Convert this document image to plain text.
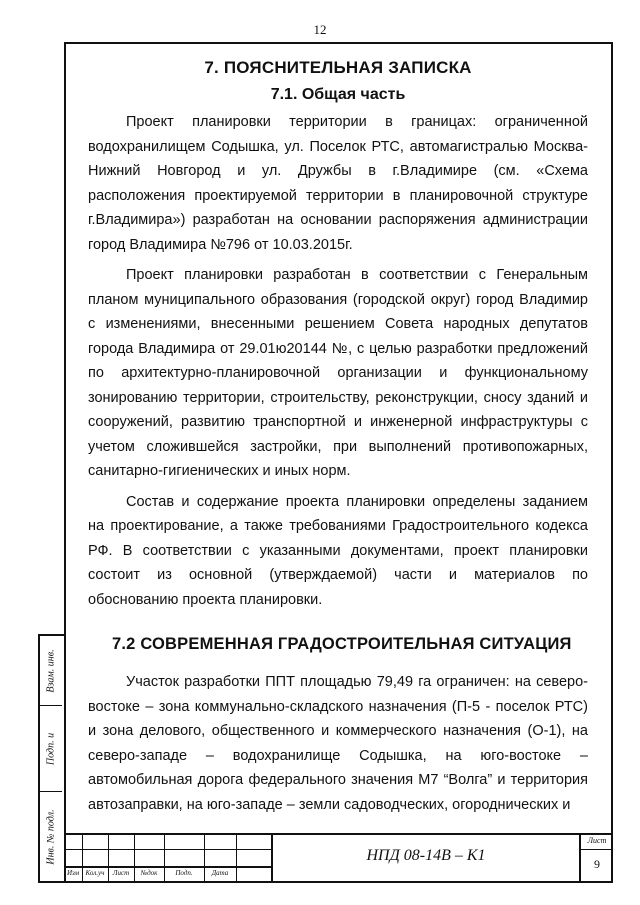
12
Взам. инв.
Подп. и
Инв. № подл.
7. ПОЯСНИТЕЛЬНАЯ ЗАПИСКА
7.1. Общая часть

Проект планировки территории в границах: ограниченной водохранилищем Содышка, ул. Поселок РТС, автомагистралью Москва-Нижний Новгород и ул. Дружбы в г.Владимире (см. «Схема расположения проектируемой территории в планировочной структуре г.Владимира») разработан на основании распоряжения администрации город Владимира №796 от 10.03.2015г.

Проект планировки разработан в соответствии с Генеральным планом муниципального образования (городской округ) город Владимир с изменениями, внесенными решением Совета народных депутатов города Владимира от 29.01ю20144 №, с целью разработки предложений по архитектурно-планировочной организации и функциональному зонированию территории, строительству, реконструкции, сносу зданий и сооружений, развитию транспортной и инженерной инфраструктуры с учетом сложившейся застройки, при выполнений противопожарных, санитарно-гигиенических и иных норм.

Состав и содержание проекта планировки определены заданием на проектирование, а также требованиями Градостроительного кодекса РФ. В соответствии с указанными документами, проект планировки состоит из основной (утверждаемой) части и материалов по обоснованию проекта планировки.

7.2 СОВРЕМЕННАЯ ГРАДОСТРОИТЕЛЬНАЯ СИТУАЦИЯ

Участок разработки ППТ площадью 79,49 га ограничен: на северо-востоке – зона коммунально-складского назначения (П-5 - поселок РТС) и зона делового, общественного и коммерческого назначения (О-1), на северо-западе – водохранилище Содышка, на юго-востоке – автомобильная дорога федерального значения М7 “Волга” и территория автозаправки, на юго-западе – земли садоводческих, огороднических и

Изм Кол.уч	Лист	№док	Подп.	Дата
НПД 08-14В – К1
Лист
9
